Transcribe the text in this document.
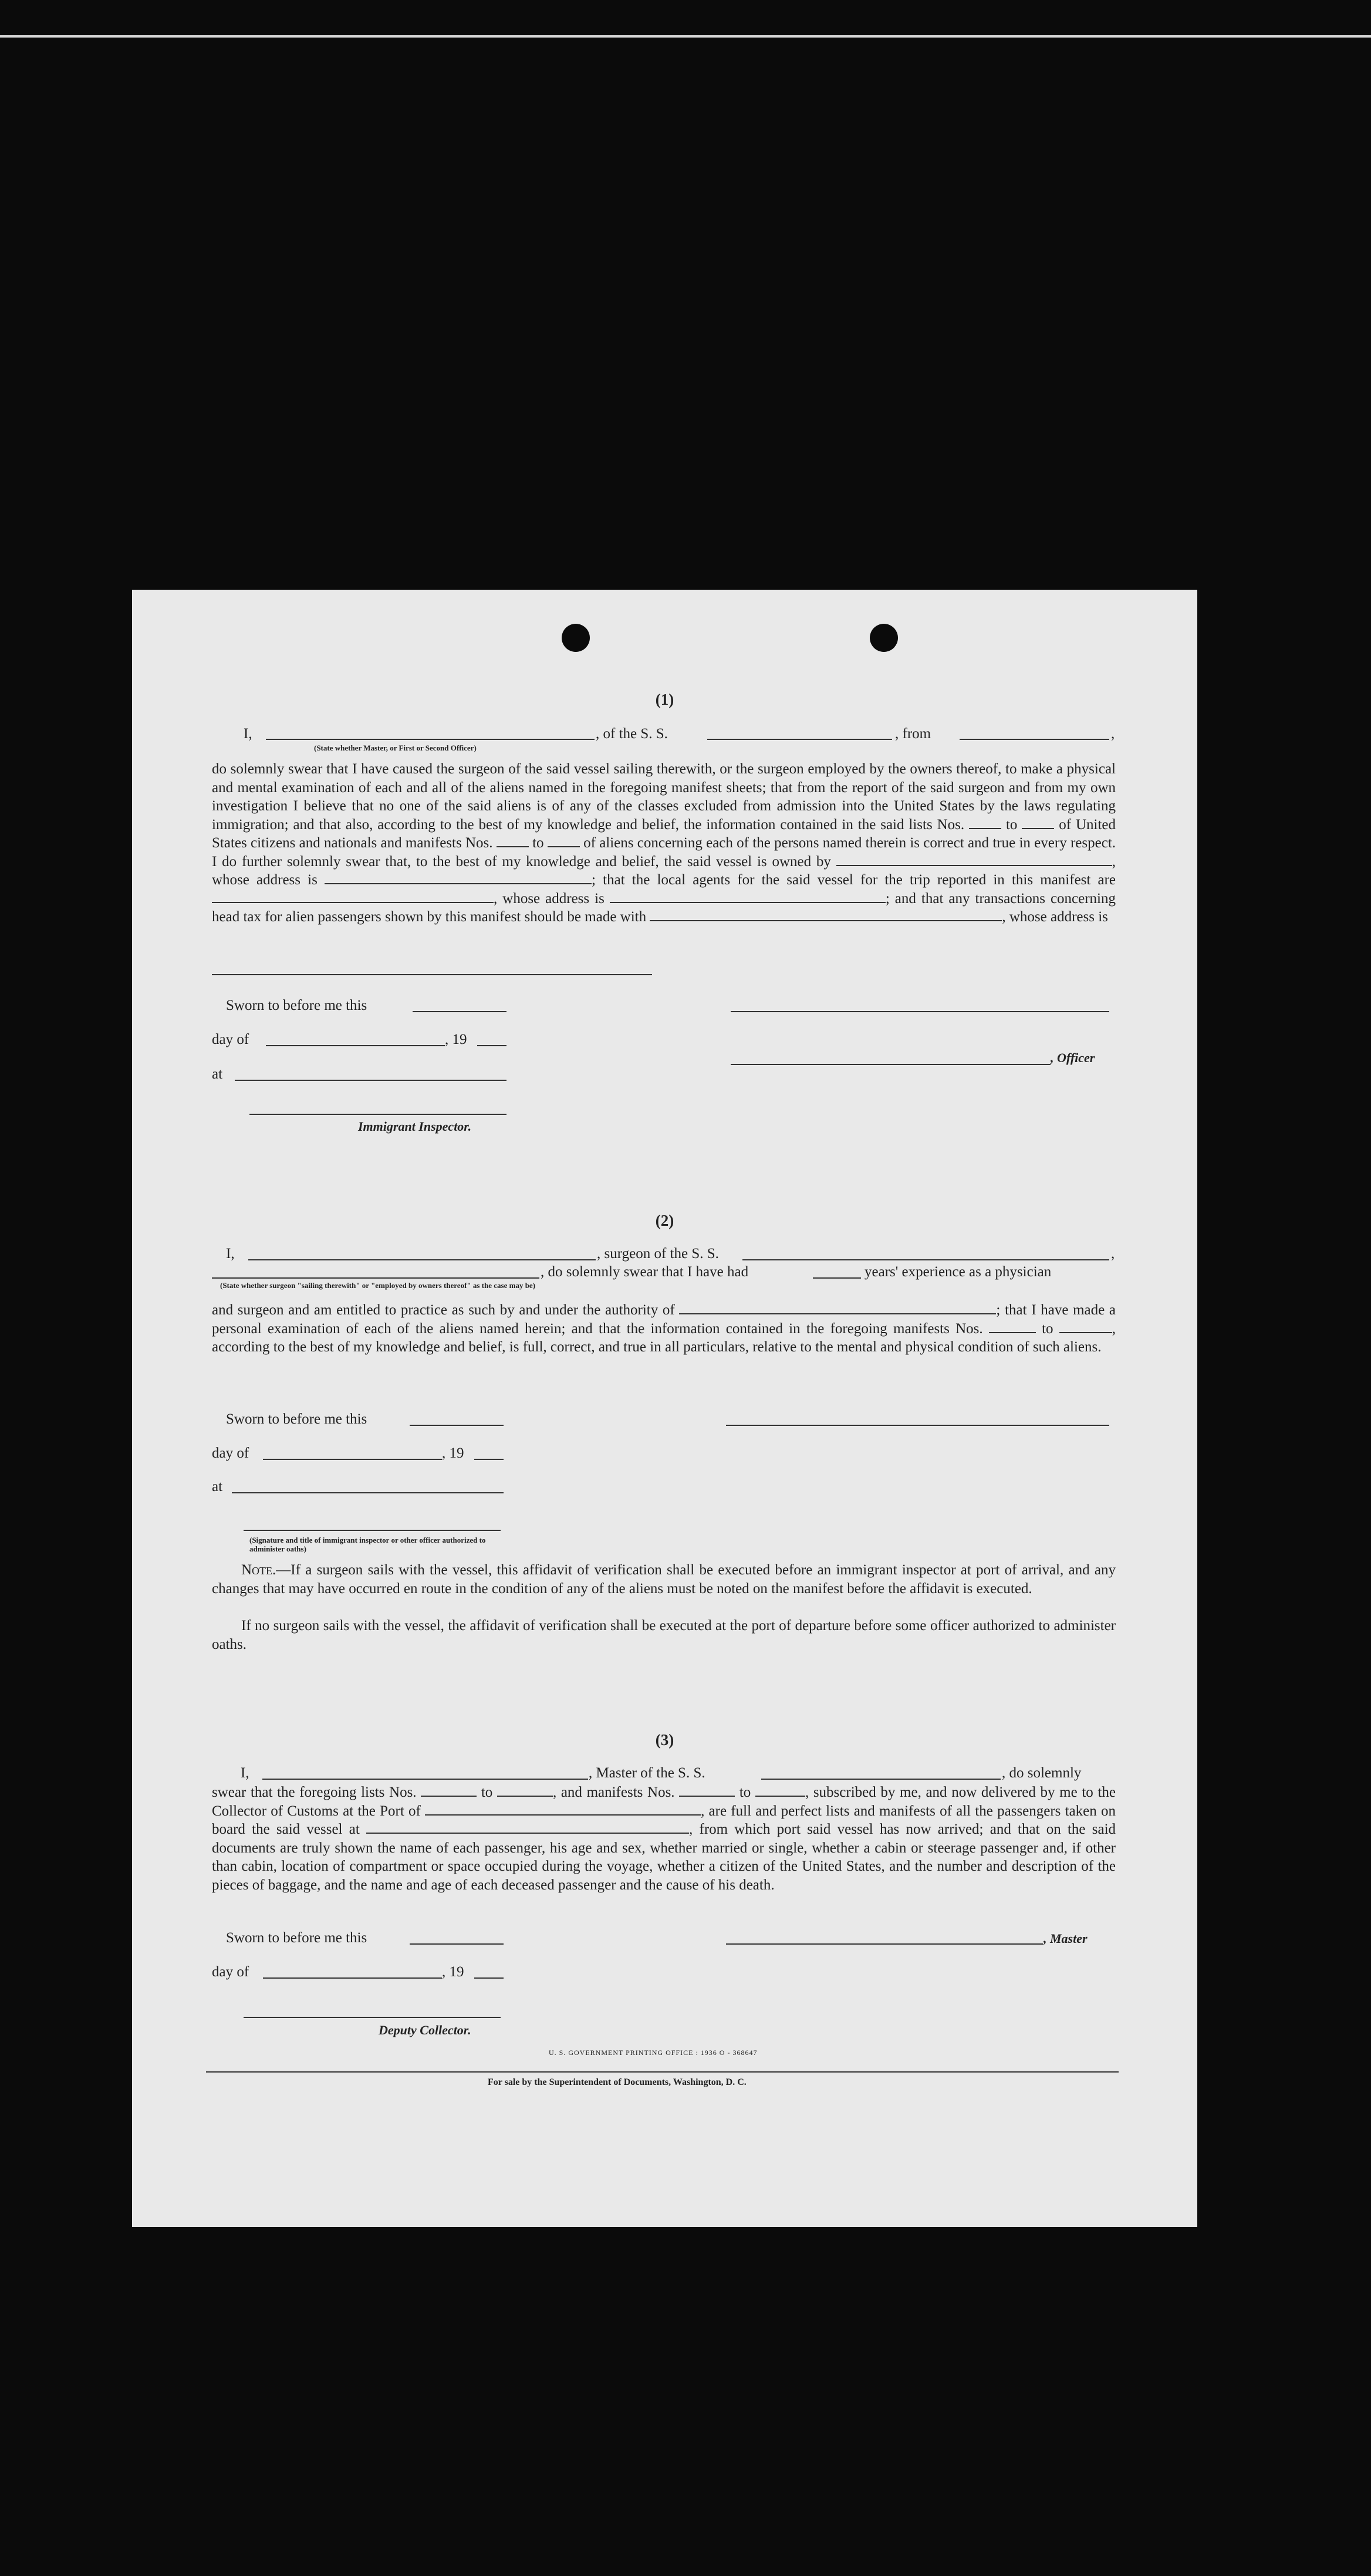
(1)
I,	, of the S. S.	, from	,
(State whether Master, or First or Second Officer)
do solemnly swear that I have caused the surgeon of the said vessel sailing therewith, or the surgeon employed by the owners thereof, to make a physical and mental examination of each and all of the aliens named in the foregoing manifest sheets; that from the report of the said surgeon and from my own investigation I believe that no one of the said aliens is of any of the classes excluded from admission into the United States by the laws regulating immigration; and that also, according to the best of my knowledge and belief, the information contained in the said lists Nos.	to	of United States citizens and nationals and manifests Nos.	to	of aliens concerning each of the persons named therein is correct and true in every respect. I do further solemnly swear that, to the best of my knowledge and belief, the said vessel is owned by	, whose address is	; that the local agents for the said vessel for the trip reported in this manifest are , whose address is	; and that any transactions concerning head tax for alien passengers shown by this manifest should be made with	, whose address is
Sworn to before me this
day of	, 19
, Officer
at
Immigrant Inspector.
(2)
I,	, surgeon of the S. S.	,
, do solemnly swear that I have had	years' experience as a physician
(State whether surgeon "sailing therewith" or "employed by owners thereof" as the case may be)
and surgeon and am entitled to practice as such by and under the authority of	; that I have made a personal examination of each of the aliens named herein; and that the information contained in the foregoing manifests Nos.	to	, according to the best of my knowledge and belief, is full, correct, and true in all particulars, relative to the mental and physical condition of such aliens.
Sworn to before me this
day of	, 19
at
(Signature and title of immigrant inspector or other officer authorized to administer oaths)
Note.—If a surgeon sails with the vessel, this affidavit of verification shall be executed before an immigrant inspector at port of arrival, and any changes that may have occurred en route in the condition of any of the aliens must be noted on the manifest before the affidavit is executed.
If no surgeon sails with the vessel, the affidavit of verification shall be executed at the port of departure before some officer authorized to administer oaths.
(3)
I,	, Master of the S. S.	, do solemnly
swear that the foregoing lists Nos.	to	, and manifests Nos.	to	, subscribed by me, and now delivered by me to the Collector of Customs at the Port of	, are full and perfect lists and manifests of all the passengers taken on board the said vessel at	, from which port said vessel has now arrived; and that on the said documents are truly shown the name of each passenger, his age and sex, whether married or single, whether a cabin or steerage passenger and, if other than cabin, location of compartment or space occupied during the voyage, whether a citizen of the United States, and the number and description of the pieces of baggage, and the name and age of each deceased passenger and the cause of his death.
Sworn to before me this	, Master
day of	, 19
Deputy Collector.
U. S. GOVERNMENT PRINTING OFFICE : 1936 O - 368647
For sale by the Superintendent of Documents, Washington, D. C.
